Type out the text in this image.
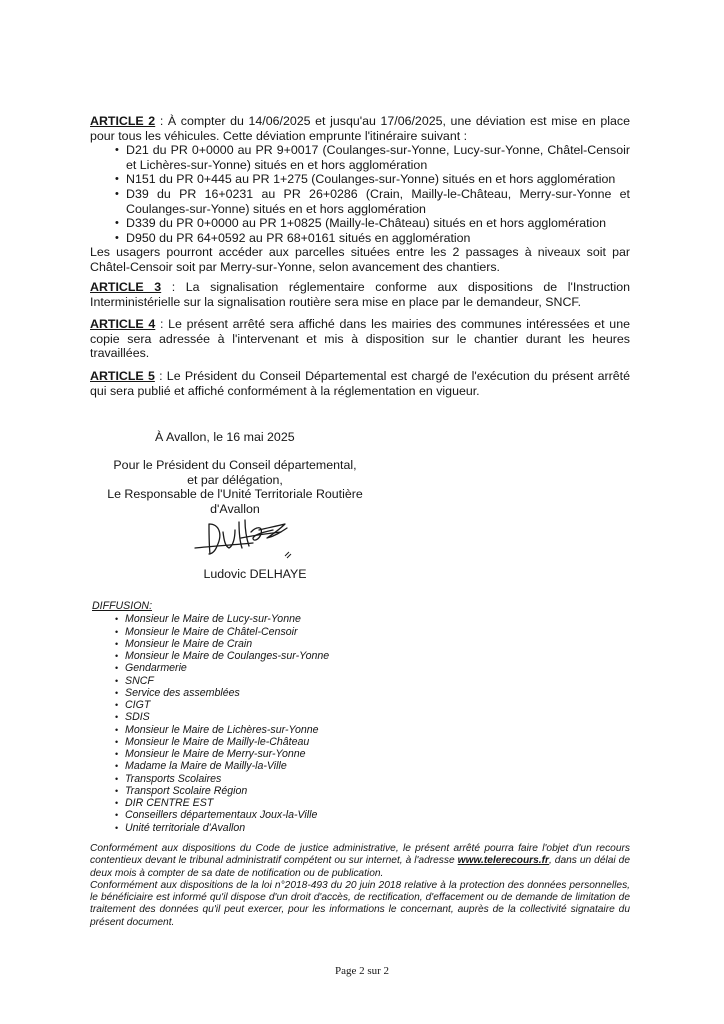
ARTICLE 2 : À compter du 14/06/2025 et jusqu'au 17/06/2025, une déviation est mise en place pour tous les véhicules. Cette déviation emprunte l'itinéraire suivant :

• D21 du PR 0+0000 au PR 9+0017 (Coulanges-sur-Yonne, Lucy-sur-Yonne, Châtel-Censoir et Lichères-sur-Yonne) situés en et hors agglomération
• N151 du PR 0+445 au PR 1+275 (Coulanges-sur-Yonne) situés en et hors agglomération
• D39 du PR 16+0231 au PR 26+0286 (Crain, Mailly-le-Château, Merry-sur-Yonne et Coulanges-sur-Yonne) situés en et hors agglomération
• D339 du PR 0+0000 au PR 1+0825 (Mailly-le-Château) situés en et hors agglomération
• D950 du PR 64+0592 au PR 68+0161 situés en agglomération

Les usagers pourront accéder aux parcelles situées entre les 2 passages à niveaux soit par Châtel-Censoir soit par Merry-sur-Yonne, selon avancement des chantiers.

ARTICLE 3 : La signalisation réglementaire conforme aux dispositions de l'Instruction Interministérielle sur la signalisation routière sera mise en place par le demandeur, SNCF.

ARTICLE 4 : Le présent arrêté sera affiché dans les mairies des communes intéressées et une copie sera adressée à l'intervenant et mis à disposition sur le chantier durant les heures travaillées.

ARTICLE 5 : Le Président du Conseil Départemental est chargé de l'exécution du présent arrêté qui sera publié et affiché conformément à la réglementation en vigueur.

À Avallon, le 16 mai 2025
Pour le Président du Conseil départemental,
et par délégation,
Le Responsable de l'Unité Territoriale Routière
d'Avallon
Ludovic DELHAYE
DIFFUSION:
• Monsieur le Maire de Lucy-sur-Yonne
• Monsieur le Maire de Châtel-Censoir
• Monsieur le Maire de Crain
• Monsieur le Maire de Coulanges-sur-Yonne
• Gendarmerie
• SNCF
• Service des assemblées
• CIGT
• SDIS
• Monsieur le Maire de Lichères-sur-Yonne
• Monsieur le Maire de Mailly-le-Château
• Monsieur le Maire de Merry-sur-Yonne
• Madame la Maire de Mailly-la-Ville
• Transports Scolaires
• Transport Scolaire Région
• DIR CENTRE EST
• Conseillers départementaux Joux-la-Ville
• Unité territoriale d'Avallon

Conformément aux dispositions du Code de justice administrative, le présent arrêté pourra faire l'objet d'un recours contentieux devant le tribunal administratif compétent ou sur internet, à l'adresse www.telerecours.fr, dans un délai de deux mois à compter de sa date de notification ou de publication.

Conformément aux dispositions de la loi n°2018-493 du 20 juin 2018 relative à la protection des données personnelles, le bénéficiaire est informé qu'il dispose d'un droit d'accès, de rectification, d'effacement ou de demande de limitation de traitement des données qu'il peut exercer, pour les informations le concernant, auprès de la collectivité signataire du présent document.

Page 2 sur 2
